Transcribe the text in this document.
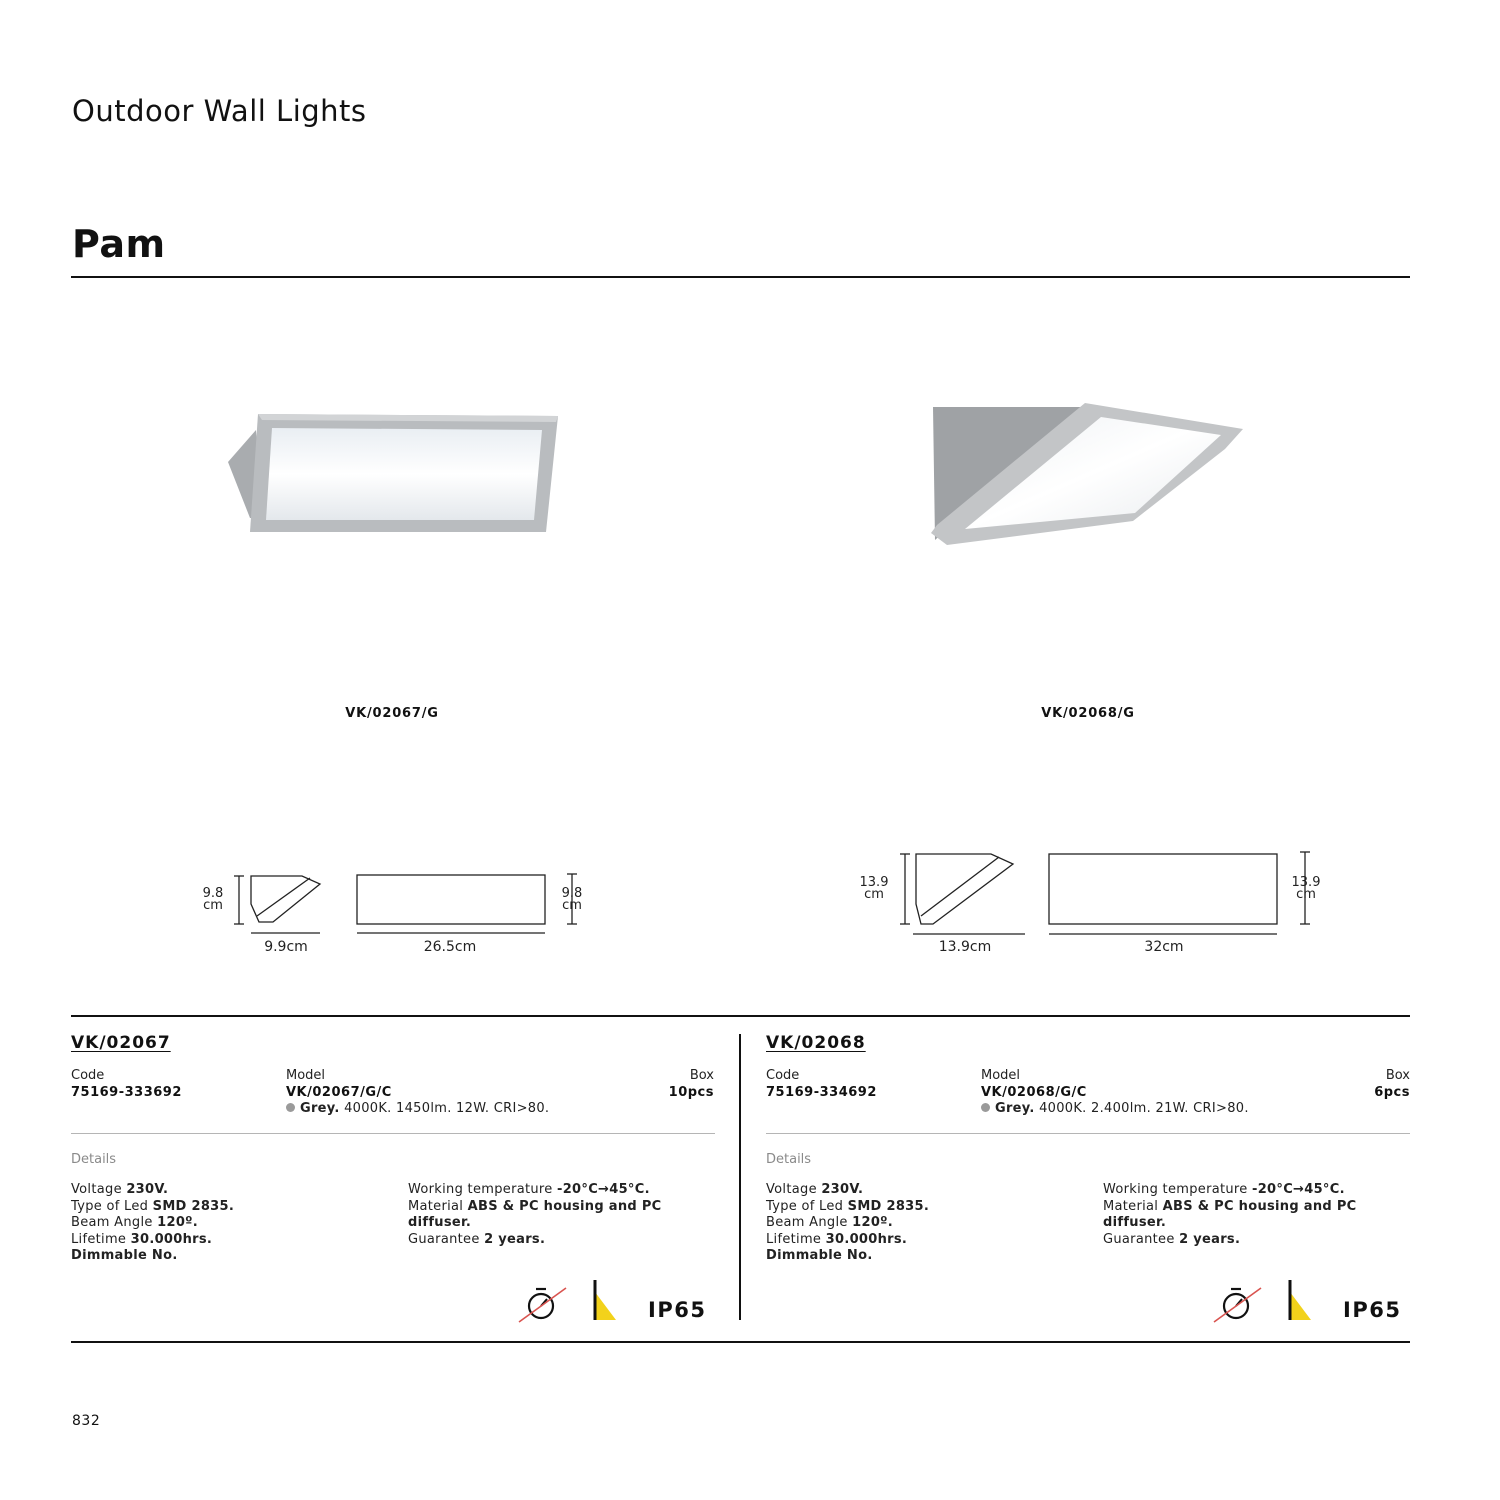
Outdoor Wall Lights
Pam
VK/02067/G	VK/02068/G
9.8
cm
9.8
cm
9.9cm	26.5cm
13.9
cm
13.9
cm
13.9cm	32cm
VK/02067
Code
75169-333692
Model
VK/02067/G/C
Grey. 4000K. 1450lm. 12W. CRI>80.
Box
10pcs
Details
Voltage 230V.
Type of Led SMD 2835.
Beam Angle 120º.
Lifetime 30.000hrs.
Dimmable No.
Working temperature -20°C→45°C.
Material ABS & PC housing and PC
diffuser.
Guarantee 2 years.
IP65
VK/02068
Code
75169-334692
Model
VK/02068/G/C
Grey. 4000K. 2.400lm. 21W. CRI>80.
Box
6pcs
Details
Voltage 230V.
Type of Led SMD 2835.
Beam Angle 120º.
Lifetime 30.000hrs.
Dimmable No.
Working temperature -20°C→45°C.
Material ABS & PC housing and PC
diffuser.
Guarantee 2 years.
IP65
832
